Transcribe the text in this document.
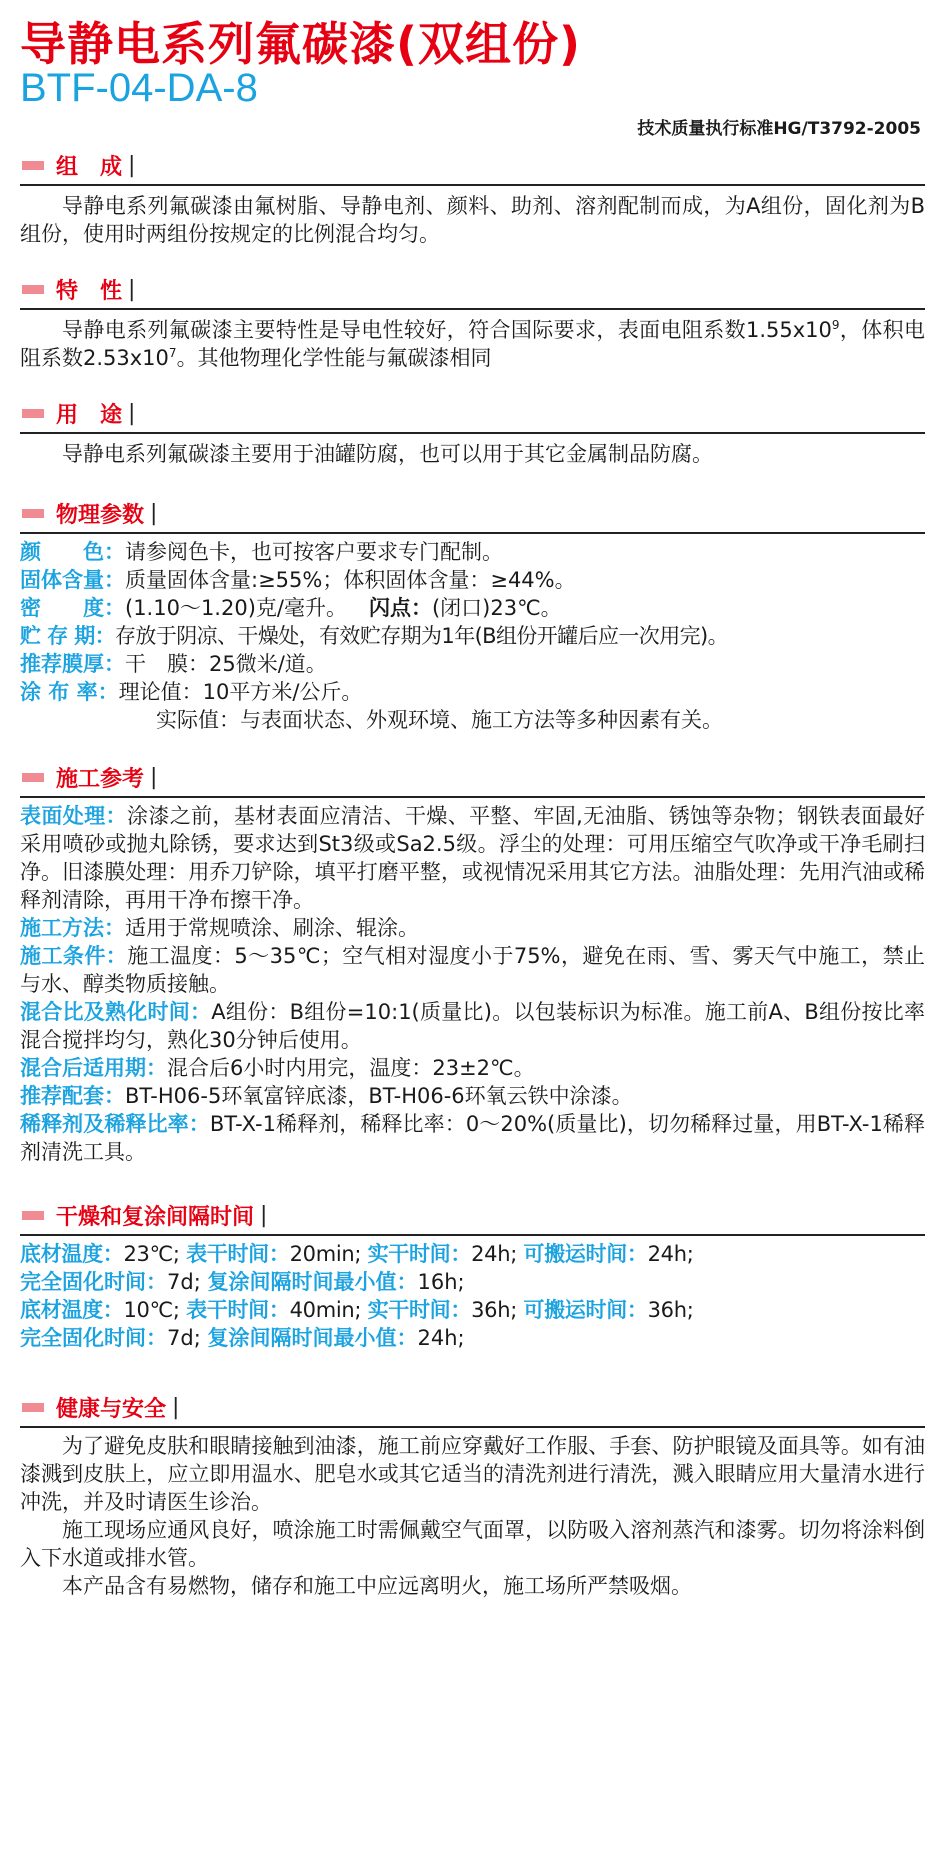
导静电系列氟碳漆(双组份)
BTF-04-DA-8
技术质量执行标准HG/T3792-2005
组　成 |

导静电系列氟碳漆由氟树脂、导静电剂、颜料、助剂、溶剂配制而成，为A组份，固化剂为B组份，使用时两组份按规定的比例混合均匀。

特　性 |

导静电系列氟碳漆主要特性是导电性较好，符合国际要求，表面电阻系数$1.55x10^9$，体积电阻系数$2.53x10^7$。其他物理化学性能与氟碳漆相同

用　途 |

导静电系列氟碳漆主要用于油罐防腐，也可以用于其它金属制品防腐。

物理参数 |
颜　　色：请参阅色卡，也可按客户要求专门配制。
固体含量：质量固体含量:≥55%；体积固体含量：≥44%。
密　　度：(1.10～1.20)克/毫升。 闪点：(闭口)23℃。
贮 存 期：存放于阴凉、干燥处，有效贮存期为1年(B组份开罐后应一次用完)。
推荐膜厚：干　膜：25微米/道。
涂 布 率：理论值：10平方米/公斤。
实际值：与表面状态、外观环境、施工方法等多种因素有关。
施工参考 |

表面处理：涂漆之前，基材表面应清洁、干燥、平整、牢固,无油脂、锈蚀等杂物；钢铁表面最好采用喷砂或抛丸除锈，要求达到St3级或Sa2.5级。浮尘的处理：可用压缩空气吹净或干净毛刷扫净。旧漆膜处理：用乔刀铲除，填平打磨平整，或视情况采用其它方法。油脂处理：先用汽油或稀释剂清除，再用干净布擦干净。

施工方法：适用于常规喷涂、刷涂、辊涂。

施工条件：施工温度：5～35℃；空气相对湿度小于75%，避免在雨、雪、雾天气中施工，禁止与水、醇类物质接触。

混合比及熟化时间：A组份：B组份=10:1(质量比)。以包装标识为标准。施工前A、B组份按比率混合搅拌均匀，熟化30分钟后使用。

混合后适用期：混合后6小时内用完，温度：23±2℃。

推荐配套：BT-H06-5环氧富锌底漆，BT-H06-6环氧云铁中涂漆。

稀释剂及稀释比率：BT-X-1稀释剂，稀释比率：0～20%(质量比)，切勿稀释过量，用BT-X-1稀释剂清洗工具。

干燥和复涂间隔时间 |
底材温度：23℃; 表干时间：20min; 实干时间：24h; 可搬运时间：24h;
完全固化时间：7d; 复涂间隔时间最小值：16h;
底材温度：10℃; 表干时间：40min; 实干时间：36h; 可搬运时间：36h;
完全固化时间：7d; 复涂间隔时间最小值：24h;
健康与安全 |

为了避免皮肤和眼睛接触到油漆，施工前应穿戴好工作服、手套、防护眼镜及面具等。如有油漆溅到皮肤上，应立即用温水、肥皂水或其它适当的清洗剂进行清洗，溅入眼睛应用大量清水进行冲洗，并及时请医生诊治。

施工现场应通风良好，喷涂施工时需佩戴空气面罩，以防吸入溶剂蒸汽和漆雾。切勿将涂料倒入下水道或排水管。

本产品含有易燃物，储存和施工中应远离明火，施工场所严禁吸烟。
